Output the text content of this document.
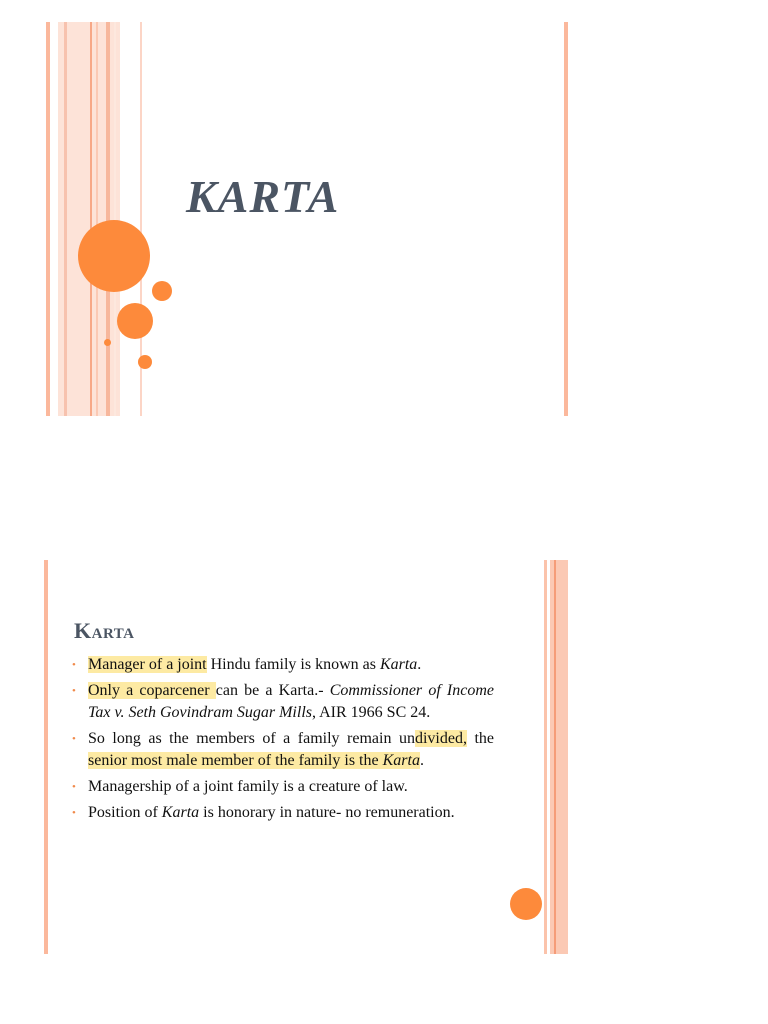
KARTA
Karta
• Manager of a joint Hindu family is known as Karta.
• Only a coparcener can be a Karta.- Commissioner of Income Tax v. Seth Govindram Sugar Mills, AIR 1966 SC 24.
• So long as the members of a family remain undivided, the senior most male member of the family is the Karta.
• Managership of a joint family is a creature of law.
• Position of Karta is honorary in nature- no remuneration.
